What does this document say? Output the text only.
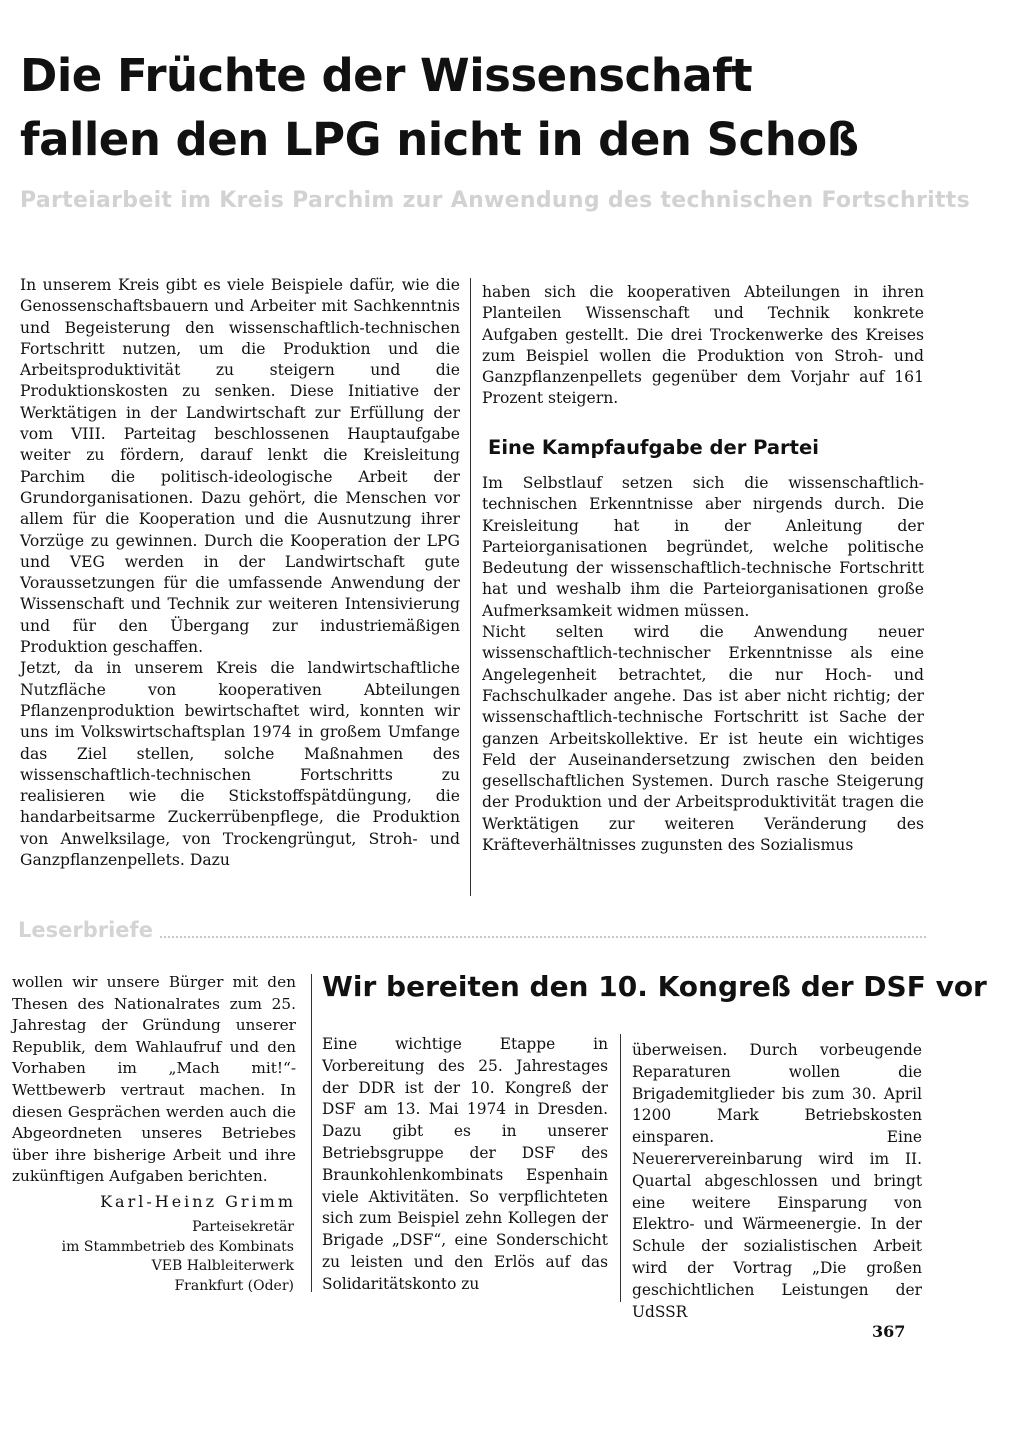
Die Früchte der Wissenschaft
fallen den LPG nicht in den Schoß

Parteiarbeit im Kreis Parchim zur Anwendung des technischen Fortschritts

In unserem Kreis gibt es viele Beispiele dafür, wie die Genossenschaftsbauern und Arbeiter mit Sachkenntnis und Begeisterung den wissenschaftlich-technischen Fortschritt nutzen, um die Produktion und die Arbeitsproduktivität zu steigern und die Produktionskosten zu senken. Diese Initiative der Werktätigen in der Landwirtschaft zur Erfüllung der vom VIII. Parteitag beschlossenen Hauptaufgabe weiter zu fördern, darauf lenkt die Kreisleitung Parchim die politisch-ideologische Arbeit der Grundorganisationen. Dazu gehört, die Menschen vor allem für die Kooperation und die Ausnutzung ihrer Vorzüge zu gewinnen. Durch die Kooperation der LPG und VEG werden in der Landwirtschaft gute Voraussetzungen für die umfassende Anwendung der Wissenschaft und Technik zur weiteren Intensivierung und für den Übergang zur industriemäßigen Produktion geschaffen.

Jetzt, da in unserem Kreis die landwirtschaftliche Nutzfläche von kooperativen Abteilungen Pflanzenproduktion bewirtschaftet wird, konnten wir uns im Volkswirtschaftsplan 1974 in großem Umfange das Ziel stellen, solche Maßnahmen des wissenschaftlich-technischen Fortschritts zu realisieren wie die Stickstoffspätdüngung, die handarbeitsarme Zuckerrübenpflege, die Produktion von Anwelksilage, von Trockengrüngut, Stroh- und Ganzpflanzenpellets. Dazu

haben sich die kooperativen Abteilungen in ihren Planteilen Wissenschaft und Technik konkrete Aufgaben gestellt. Die drei Trockenwerke des Kreises zum Beispiel wollen die Produktion von Stroh- und Ganzpflanzenpellets gegenüber dem Vorjahr auf 161 Prozent steigern.

Eine Kampfaufgabe der Partei

Im Selbstlauf setzen sich die wissenschaftlich-technischen Erkenntnisse aber nirgends durch. Die Kreisleitung hat in der Anleitung der Parteiorganisationen begründet, welche politische Bedeutung der wissenschaftlich-technische Fortschritt hat und weshalb ihm die Parteiorganisationen große Aufmerksamkeit widmen müssen.

Nicht selten wird die Anwendung neuer wissenschaftlich-technischer Erkenntnisse als eine Angelegenheit betrachtet, die nur Hoch- und Fachschulkader angehe. Das ist aber nicht richtig; der wissenschaftlich-technische Fortschritt ist Sache der ganzen Arbeitskollektive. Er ist heute ein wichtiges Feld der Auseinandersetzung zwischen den beiden gesellschaftlichen Systemen. Durch rasche Steigerung der Produktion und der Arbeitsproduktivität tragen die Werktätigen zur weiteren Veränderung des Kräfteverhältnisses zugunsten des Sozialismus

Leserbriefe

wollen wir unsere Bürger mit den Thesen des Nationalrates zum 25. Jahrestag der Gründung unserer Republik, dem Wahlaufruf und den Vorhaben im „Mach mit!“-Wettbewerb vertraut machen. In diesen Gesprächen werden auch die Abgeordneten unseres Betriebes über ihre bisherige Arbeit und ihre zukünftigen Aufgaben berichten.

Karl-Heinz Grimm

Parteisekretär
im Stammbetrieb des Kombinats
VEB Halbleiterwerk
Frankfurt (Oder)
Wir bereiten den 10. Kongreß der DSF vor

Eine wichtige Etappe in Vorbereitung des 25. Jahrestages der DDR ist der 10. Kongreß der DSF am 13. Mai 1974 in Dresden. Dazu gibt es in unserer Betriebsgruppe der DSF des Braunkohlenkombinats Espenhain viele Aktivitäten. So verpflichteten sich zum Beispiel zehn Kollegen der Brigade „DSF“, eine Sonderschicht zu leisten und den Erlös auf das Solidaritätskonto zu

überweisen. Durch vorbeugende Reparaturen wollen die Brigademitglieder bis zum 30. April 1200 Mark Betriebskosten einsparen. Eine Neuerervereinbarung wird im II. Quartal abgeschlossen und bringt eine weitere Einsparung von Elektro- und Wärmeenergie. In der Schule der sozialistischen Arbeit wird der Vortrag „Die großen geschichtlichen Leistungen der UdSSR

367
